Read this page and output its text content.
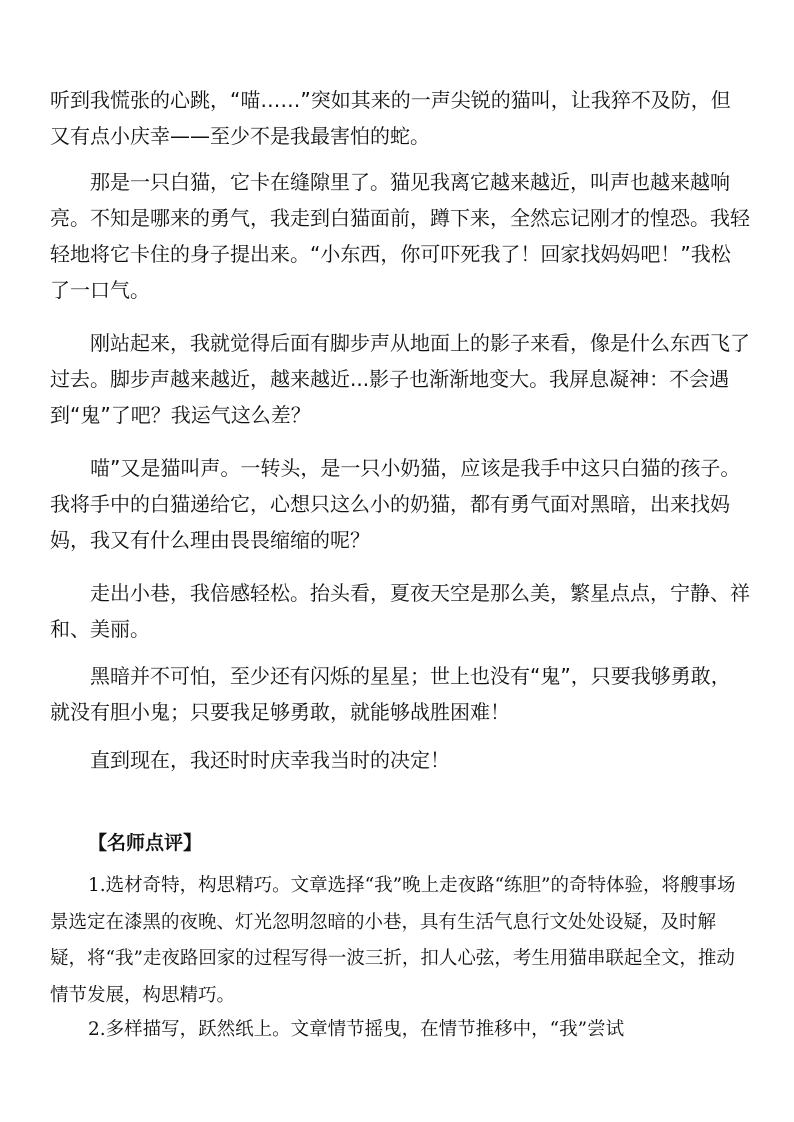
听到我慌张的心跳，“喵……”突如其来的一声尖锐的猫叫，让我猝不及防，但又有点小庆幸——至少不是我最害怕的蛇。

那是一只白猫，它卡在缝隙里了。猫见我离它越来越近，叫声也越来越响亮。不知是哪来的勇气，我走到白猫面前，蹲下来，全然忘记刚才的惶恐。我轻轻地将它卡住的身子提出来。“小东西，你可吓死我了！回家找妈妈吧！”我松了一口气。

刚站起来，我就觉得后面有脚步声从地面上的影子来看，像是什么东西飞了过去。脚步声越来越近，越来越近...影子也渐渐地变大。我屏息凝神：不会遇到“鬼”了吧？我运气这么差？

喵”又是猫叫声。一转头，是一只小奶猫，应该是我手中这只白猫的孩子。我将手中的白猫递给它，心想只这么小的奶猫，都有勇气面对黑暗，出来找妈妈，我又有什么理由畏畏缩缩的呢？

走出小巷，我倍感轻松。抬头看，夏夜天空是那么美，繁星点点，宁静、祥和、美丽。

黑暗并不可怕，至少还有闪烁的星星；世上也没有“鬼”，只要我够勇敢，就没有胆小鬼；只要我足够勇敢，就能够战胜困难！

直到现在，我还时时庆幸我当时的决定！

【名师点评】

1.选材奇特，构思精巧。文章选择“我”晚上走夜路“练胆”的奇特体验，将艘事场景选定在漆黑的夜晚、灯光忽明忽暗的小巷，具有生活气息行文处处设疑，及时解疑，将“我”走夜路回家的过程写得一波三折，扣人心弦，考生用猫串联起全文，推动情节发展，构思精巧。

2.多样描写，跃然纸上。文章情节摇曳，在情节推移中，“我”尝试
